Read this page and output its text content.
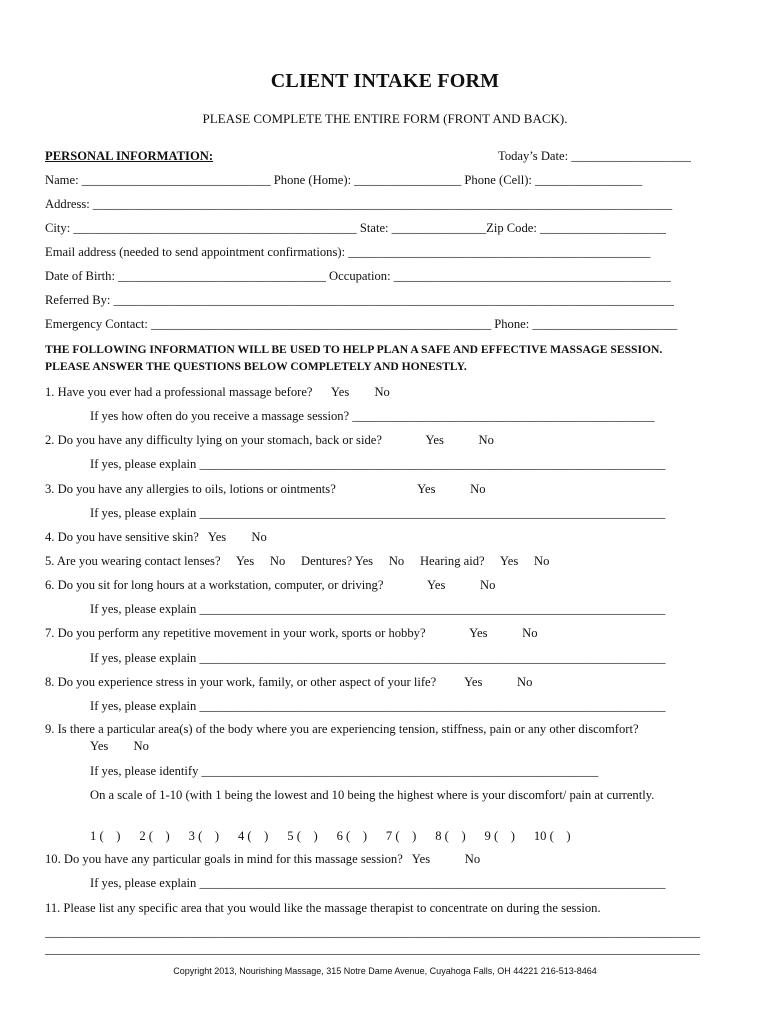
CLIENT INTAKE FORM
PLEASE COMPLETE THE ENTIRE FORM (FRONT AND BACK).
PERSONAL INFORMATION:	Today’s Date: ___________________
Name: ______________________________ Phone (Home): _________________ Phone (Cell): _________________
Address: ____________________________________________________________________________________________
City: _____________________________________________ State: _______________Zip Code: ____________________
Email address (needed to send appointment confirmations): ________________________________________________
Date of Birth: _________________________________ Occupation: ____________________________________________
Referred By: _________________________________________________________________________________________
Emergency Contact: ______________________________________________________ Phone: _______________________
THE FOLLOWING INFORMATION WILL BE USED TO HELP PLAN A SAFE AND EFFECTIVE MASSAGE SESSION.
PLEASE ANSWER THE QUESTIONS BELOW COMPLETELY AND HONESTLY.
1. Have you ever had a professional massage before?      Yes        No
If yes how often do you receive a massage session? ________________________________________________
2. Do you have any difficulty lying on your stomach, back or side?              Yes           No
If yes, please explain __________________________________________________________________________
3. Do you have any allergies to oils, lotions or ointments?                          Yes           No
If yes, please explain __________________________________________________________________________
4. Do you have sensitive skin?   Yes        No
5. Are you wearing contact lenses?     Yes     No     Dentures? Yes     No     Hearing aid?     Yes     No
6. Do you sit for long hours at a workstation, computer, or driving?              Yes           No
If yes, please explain __________________________________________________________________________
7. Do you perform any repetitive movement in your work, sports or hobby?              Yes           No
If yes, please explain __________________________________________________________________________
8. Do you experience stress in your work, family, or other aspect of your life?         Yes           No
If yes, please explain __________________________________________________________________________
9. Is there a particular area(s) of the body where you are experiencing tension, stiffness, pain or any other discomfort?
Yes        No
If yes, please identify _______________________________________________________________
On a scale of 1-10 (with 1 being the lowest and 10 being the highest where is your discomfort/ pain at currently.
1 (    )      2 (    )      3 (    )      4 (    )      5 (    )      6 (    )      7 (    )      8 (    )      9 (    )      10 (    )
10. Do you have any particular goals in mind for this massage session?   Yes           No
If yes, please explain __________________________________________________________________________
11. Please list any specific area that you would like the massage therapist to concentrate on during the session.
________________________________________________________________________________________________________
________________________________________________________________________________________________________
Copyright 2013, Nourishing Massage, 315 Notre Dame Avenue, Cuyahoga Falls, OH 44221 216-513-8464
